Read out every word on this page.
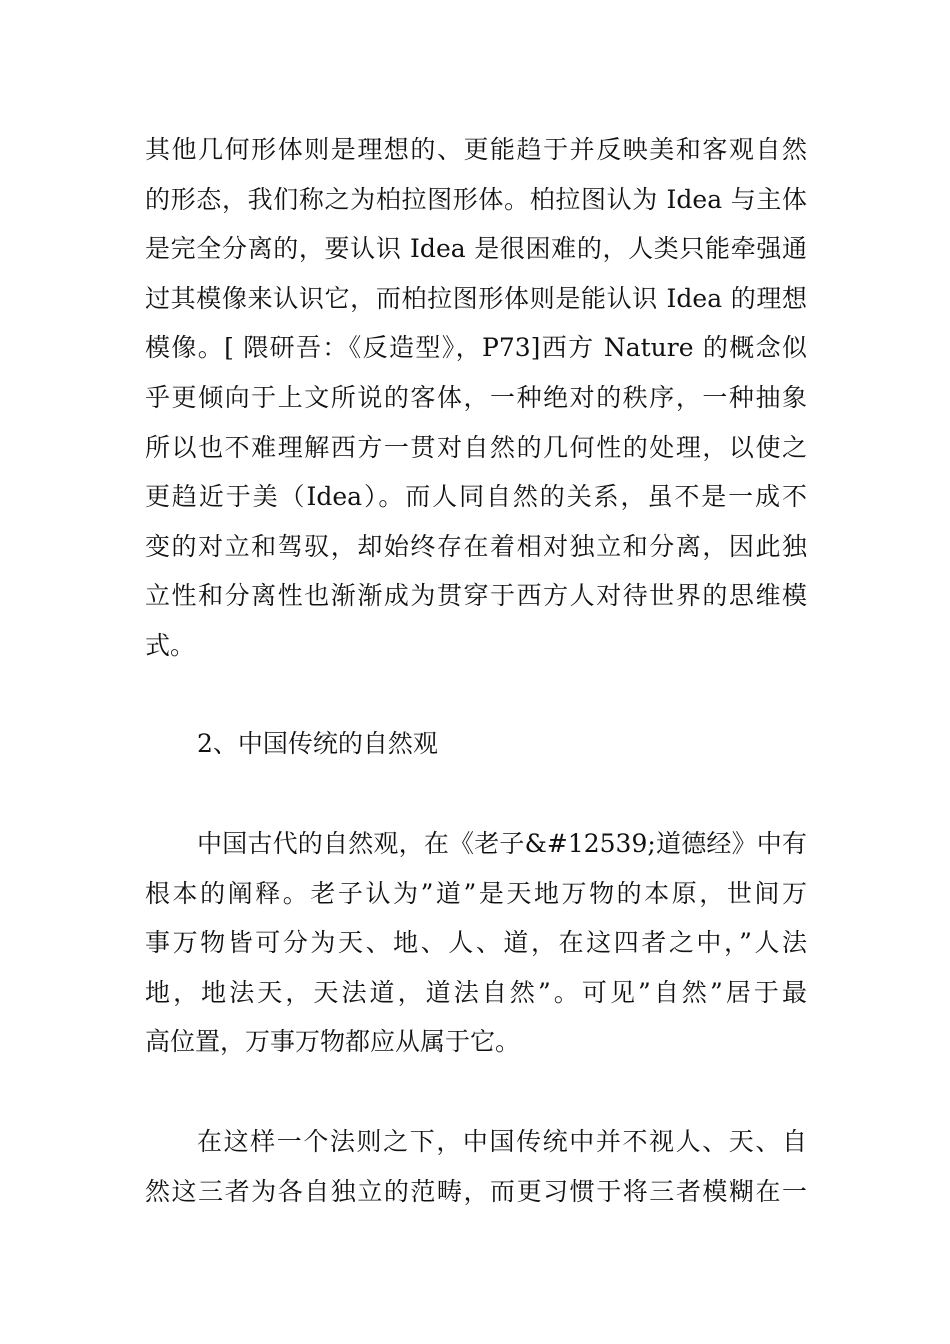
其他几何形体则是理想的、更能趋于并反映美和客观自然
的形态，我们称之为柏拉图形体。柏拉图认为 Idea 与主体
是完全分离的，要认识 Idea 是很困难的，人类只能牵强通
过其模像来认识它，而柏拉图形体则是能认识 Idea 的理想
模像。[ 隈研吾：《反造型》，P73]西方 Nature 的概念似
乎更倾向于上文所说的客体，一种绝对的秩序，一种抽象
所以也不难理解西方一贯对自然的几何性的处理，以使之
更趋近于美（Idea）。而人同自然的关系，虽不是一成不
变的对立和驾驭，却始终存在着相对独立和分离，因此独
立性和分离性也渐渐成为贯穿于西方人对待世界的思维模
式。
2、中国传统的自然观
中国古代的自然观，在《老子&#12539;道德经》中有
根本的阐释。老子认为”道”是天地万物的本原，世间万
事万物皆可分为天、地、人、道，在这四者之中，”人法
地，地法天，天法道，道法自然”。可见”自然”居于最
高位置，万事万物都应从属于它。
在这样一个法则之下，中国传统中并不视人、天、自
然这三者为各自独立的范畴，而更习惯于将三者模糊在一
